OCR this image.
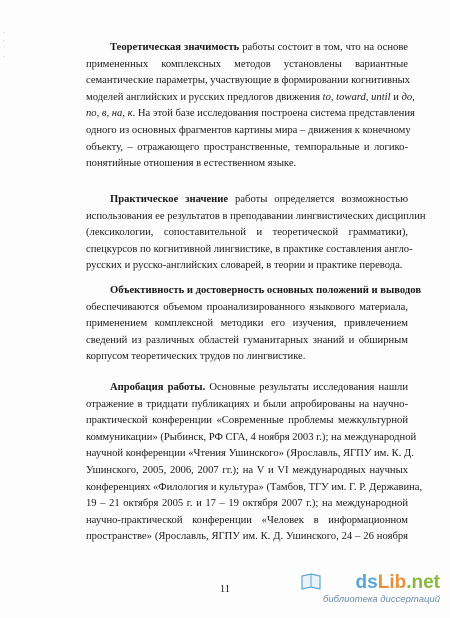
·
·
˙
·
Теоретическая значимость работы состоит в том, что на основе
примененных комплексных методов установлены вариантные
семантические параметры, участвующие в формировании когнитивных
моделей английских и русских предлогов движения to, toward, until и до,
по, в, на, к. На этой базе исследования построена система представления
одного из основных фрагментов картины мира – движения к конечному
объекту, – отражающего пространственные, темпоральные и логико-
понятийные отношения в естественном языке.
Практическое значение работы определяется возможностью
использования ее результатов в преподавании лингвистических дисциплин
(лексикологии, сопоставительной и теоретической грамматики),
спецкурсов по когнитивной лингвистике, в практике составления англо-
русских и русско-английских словарей, в теории и практике перевода.
Объективность и достоверность основных положений и выводов
обеспечиваются объемом проанализированного языкового материала,
применением комплексной методики его изучения, привлечением
сведений из различных областей гуманитарных знаний и обширным
корпусом теоретических трудов по лингвистике.
Апробация работы. Основные результаты исследования нашли
отражение в тридцати публикациях и были апробированы на научно-
практической конференции «Современные проблемы межкультурной
коммуникации» (Рыбинск, РФ СГА, 4 ноября 2003 г.); на международной
научной конференции «Чтения Ушинского» (Ярославль, ЯГПУ им. К. Д.
Ушинского, 2005, 2006, 2007 гг.); на V и VI международных научных
конференциях «Филология и культура» (Тамбов, ТГУ им. Г. Р. Державина,
19 – 21 октября 2005 г. и 17 – 19 октября 2007 г.); на международной
научно-практической конференции «Человек в информационном
пространстве» (Ярославль, ЯГПУ им. К. Д. Ушинского, 24 – 26 ноября
11	dsLib.net
библиотека диссертаций
